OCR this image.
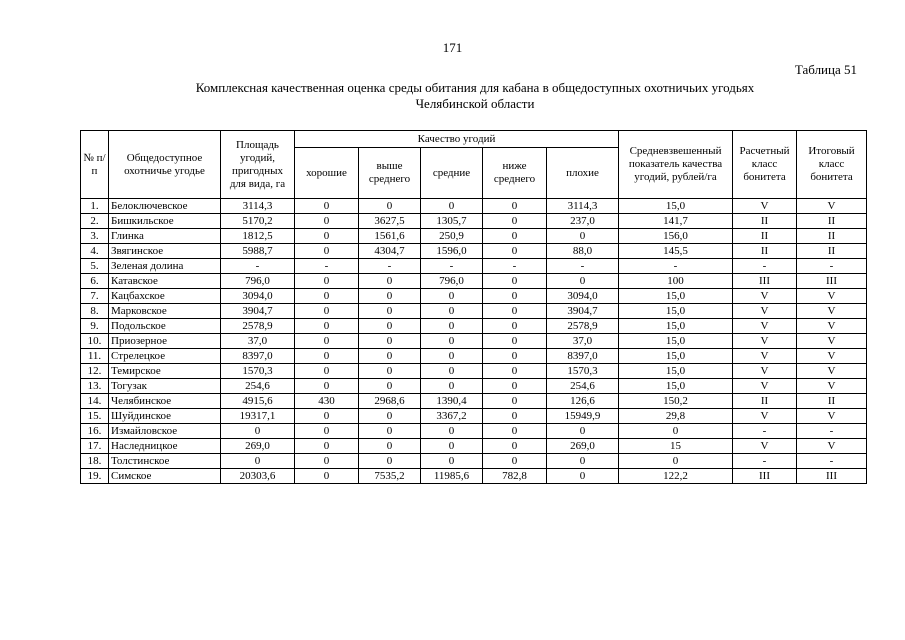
171
Таблица 51
Комплексная качественная оценка среды обитания для кабана в общедоступных охотничьих угодьях
Челябинской области
№ п/п	Общедоступное охотничье угодье	Площадь угодий, пригодных для вида, га	Качество угодий					Средневзвешенный показатель качества угодий, рублей/га	Расчетный класс бонитета	Итоговый класс бонитета
			хорошие	выше среднего	средние	ниже среднего	плохие			
1.	Белоключевское	3114,3	0	0	0	0	3114,3	15,0	V	V
2.	Бишкильское	5170,2	0	3627,5	1305,7	0	237,0	141,7	II	II
3.	Глинка	1812,5	0	1561,6	250,9	0	0	156,0	II	II
4.	Звягинское	5988,7	0	4304,7	1596,0	0	88,0	145,5	II	II
5.	Зеленая долина	-	-	-	-	-	-	-	-	-
6.	Катавское	796,0	0	0	796,0	0	0	100	III	III
7.	Кацбахское	3094,0	0	0	0	0	3094,0	15,0	V	V
8.	Марковское	3904,7	0	0	0	0	3904,7	15,0	V	V
9.	Подольское	2578,9	0	0	0	0	2578,9	15,0	V	V
10.	Приозерное	37,0	0	0	0	0	37,0	15,0	V	V
11.	Стрелецкое	8397,0	0	0	0	0	8397,0	15,0	V	V
12.	Темирское	1570,3	0	0	0	0	1570,3	15,0	V	V
13.	Тогузак	254,6	0	0	0	0	254,6	15,0	V	V
14.	Челябинское	4915,6	430	2968,6	1390,4	0	126,6	150,2	II	II
15.	Шуйдинское	19317,1	0	0	3367,2	0	15949,9	29,8	V	V
16.	Измайловское	0	0	0	0	0	0	0	-	-
17.	Наследницкое	269,0	0	0	0	0	269,0	15	V	V
18.	Толстинское	0	0	0	0	0	0	0	-	-
19.	Симское	20303,6	0	7535,2	11985,6	782,8	0	122,2	III	III
